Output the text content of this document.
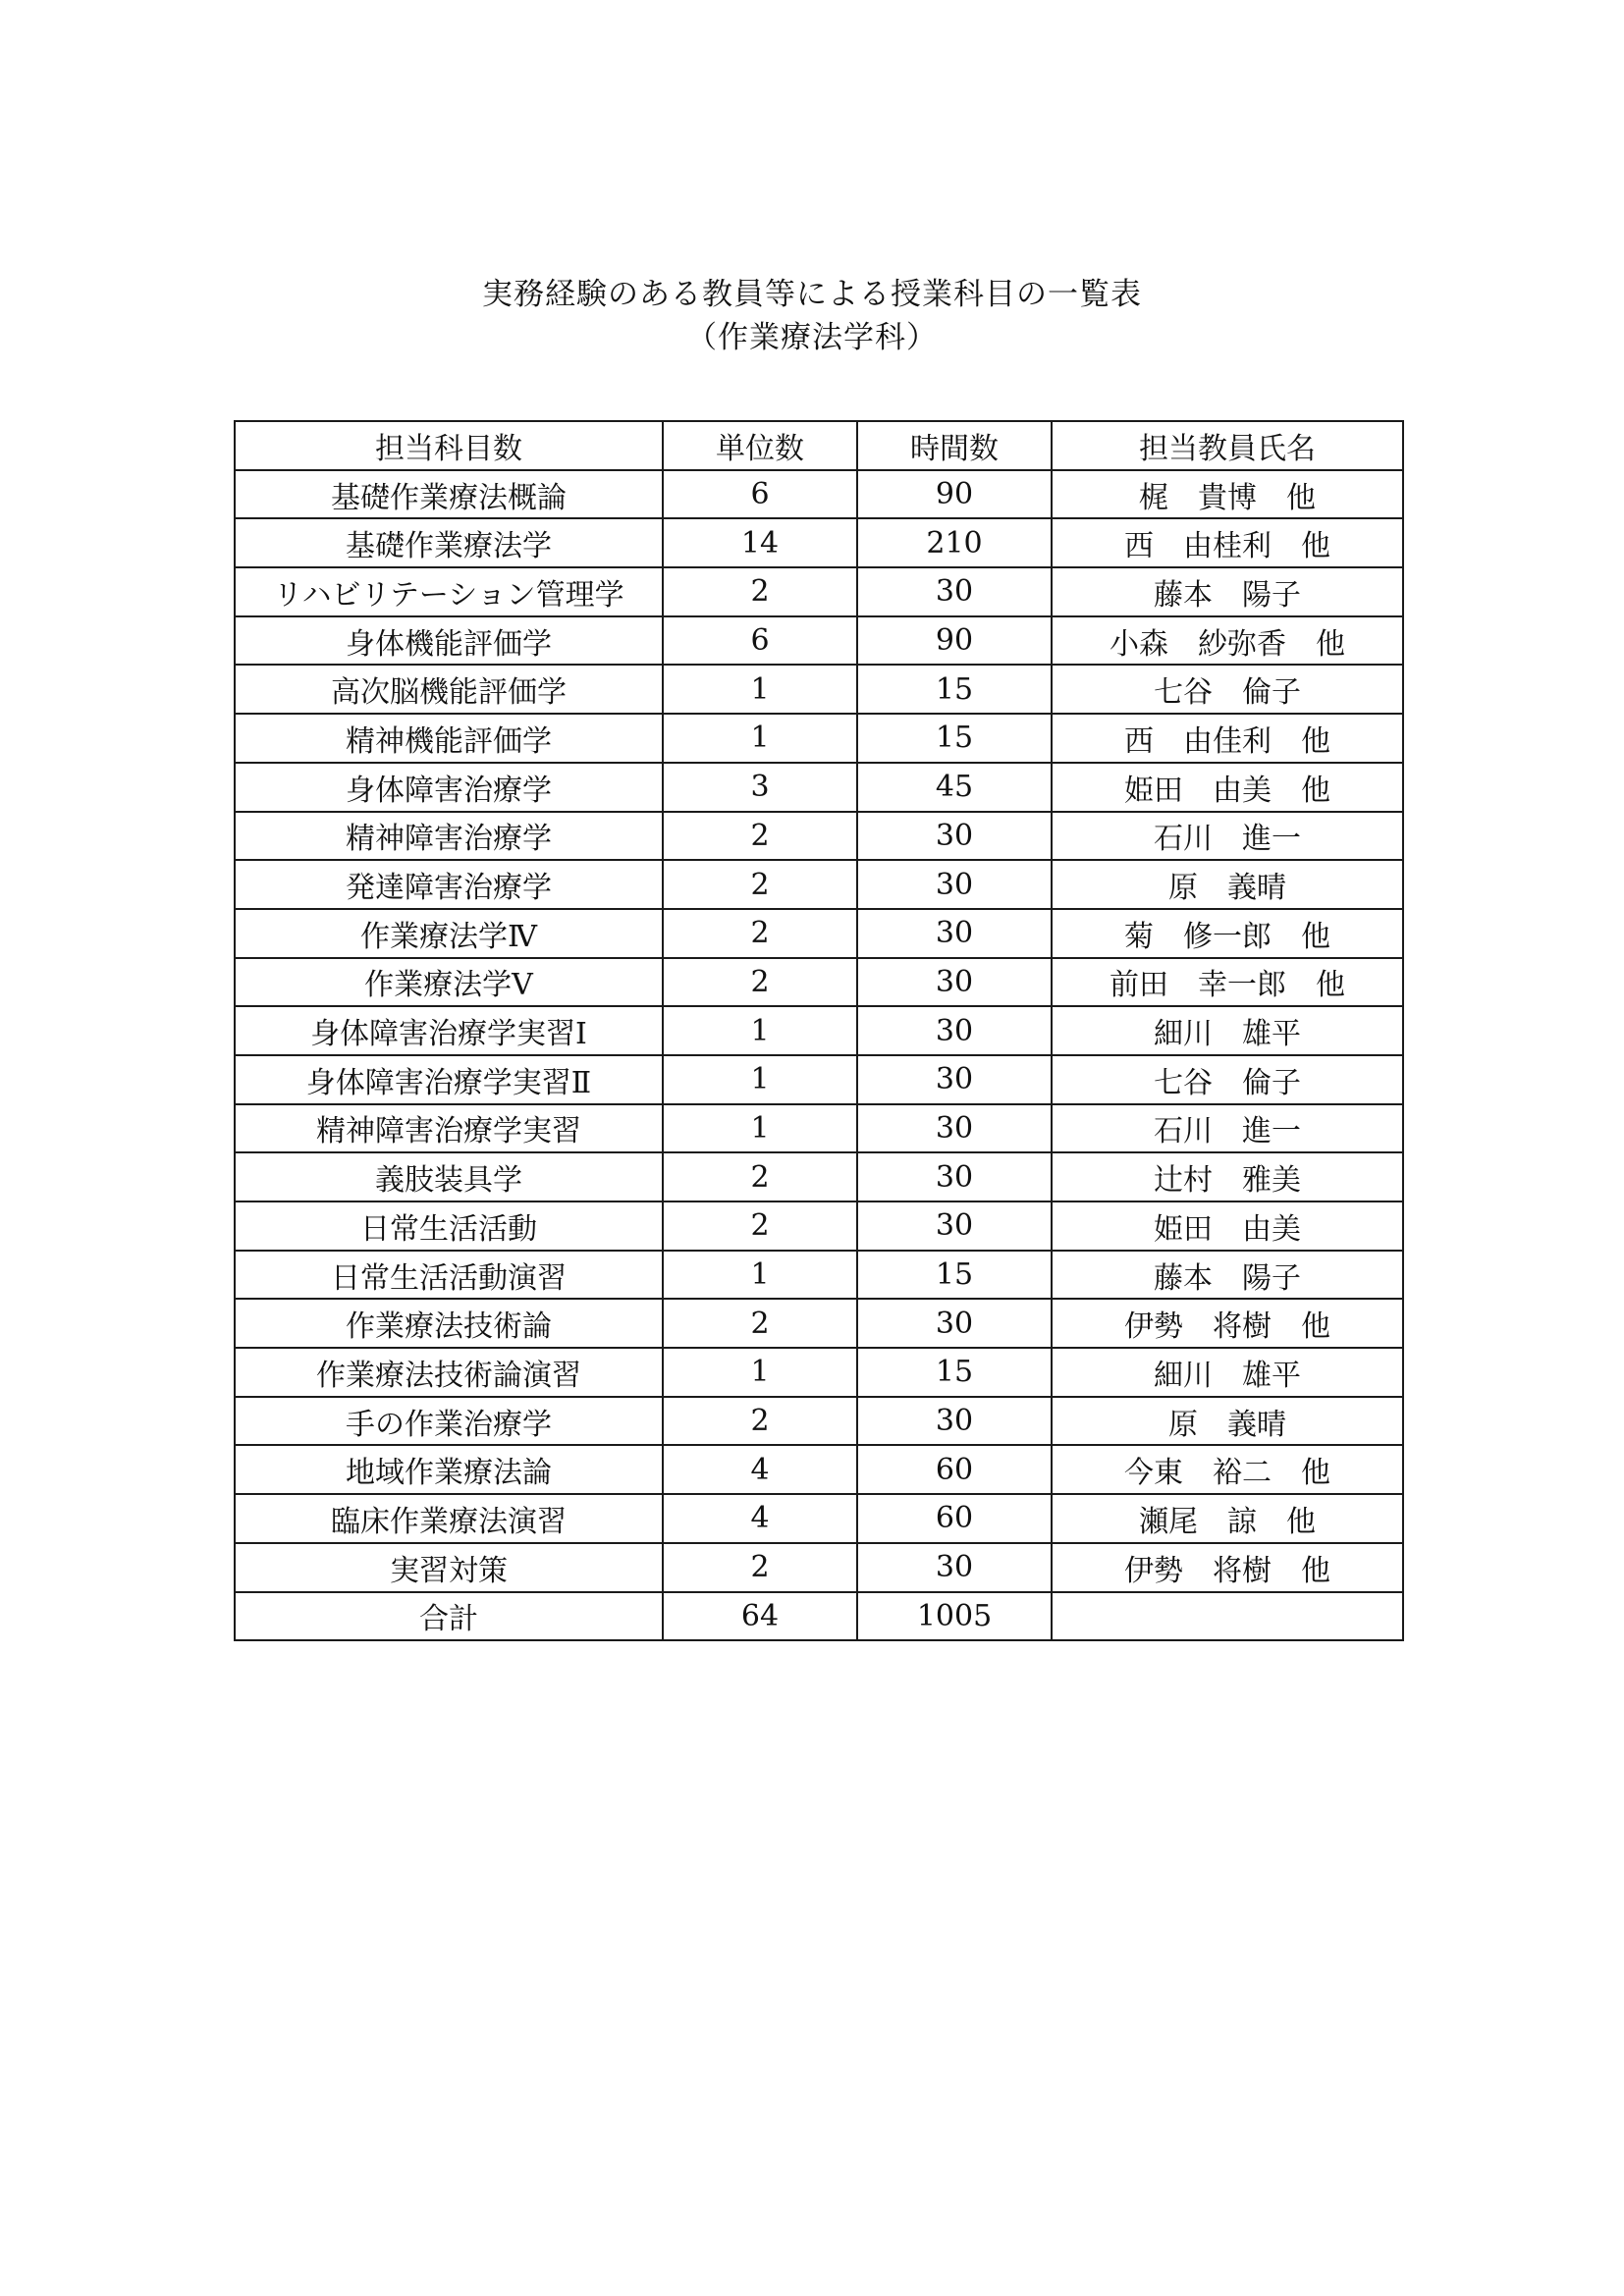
実務経験のある教員等による授業科目の一覧表
（作業療法学科）
担当科目数	単位数	時間数	担当教員氏名
基礎作業療法概論	6	90	梶　貴博　他
基礎作業療法学	14	210	西　由桂利　他
リハビリテーション管理学	2	30	藤本　陽子
身体機能評価学	6	90	小森　紗弥香　他
高次脳機能評価学	1	15	七谷　倫子
精神機能評価学	1	15	西　由佳利　他
身体障害治療学	3	45	姫田　由美　他
精神障害治療学	2	30	石川　進一
発達障害治療学	2	30	原　義晴
作業療法学Ⅳ	2	30	菊　修一郎　他
作業療法学Ⅴ	2	30	前田　幸一郎　他
身体障害治療学実習Ⅰ	1	30	細川　雄平
身体障害治療学実習Ⅱ	1	30	七谷　倫子
精神障害治療学実習	1	30	石川　進一
義肢装具学	2	30	辻村　雅美
日常生活活動	2	30	姫田　由美
日常生活活動演習	1	15	藤本　陽子
作業療法技術論	2	30	伊勢　将樹　他
作業療法技術論演習	1	15	細川　雄平
手の作業治療学	2	30	原　義晴
地域作業療法論	4	60	今東　裕二　他
臨床作業療法演習	4	60	瀬尾　諒　他
実習対策	2	30	伊勢　将樹　他
合計	64	1005	
